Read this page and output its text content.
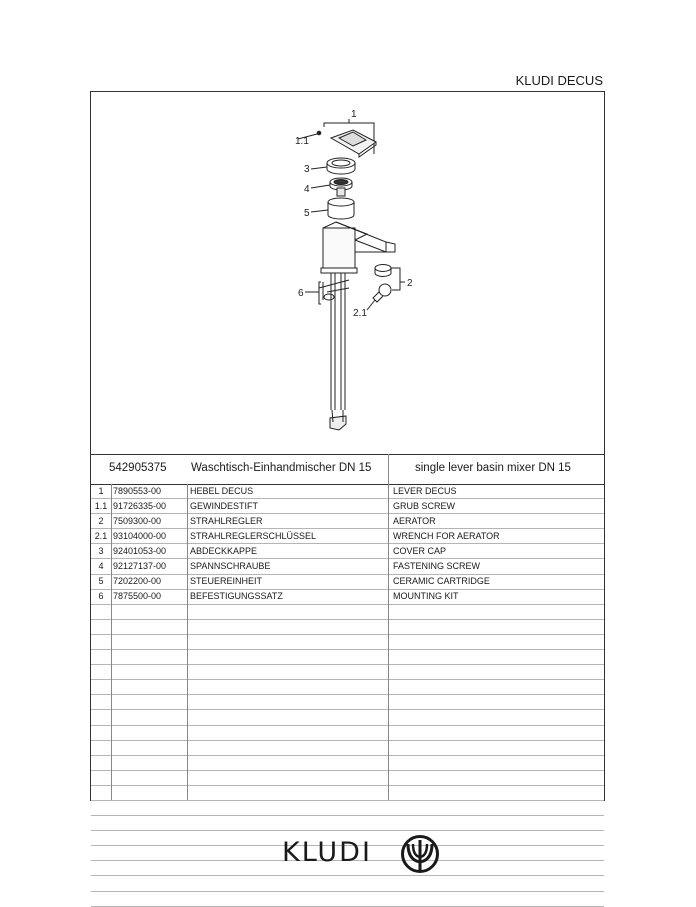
KLUDI DECUS
1
1.1
3
4
5
6
2
2.1
542905375 Waschtisch-Einhandmischer DN 15	single lever basin mixer DN 15
1	7890553-00	HEBEL DECUS	LEVER DECUS
1.1 91726335-00	GEWINDESTIFT	GRUB SCREW
2	7509300-00	STRAHLREGLER	AERATOR
2.1 93104000-00	STRAHLREGLERSCHLÜSSEL	WRENCH FOR AERATOR
3	92401053-00	ABDECKKAPPE	COVER CAP
4	92127137-00	SPANNSCHRAUBE	FASTENING SCREW
5	7202200-00	STEUEREINHEIT	CERAMIC CARTRIDGE
6	7875500-00	BEFESTIGUNGSSATZ	MOUNTING KIT
KLUDI
